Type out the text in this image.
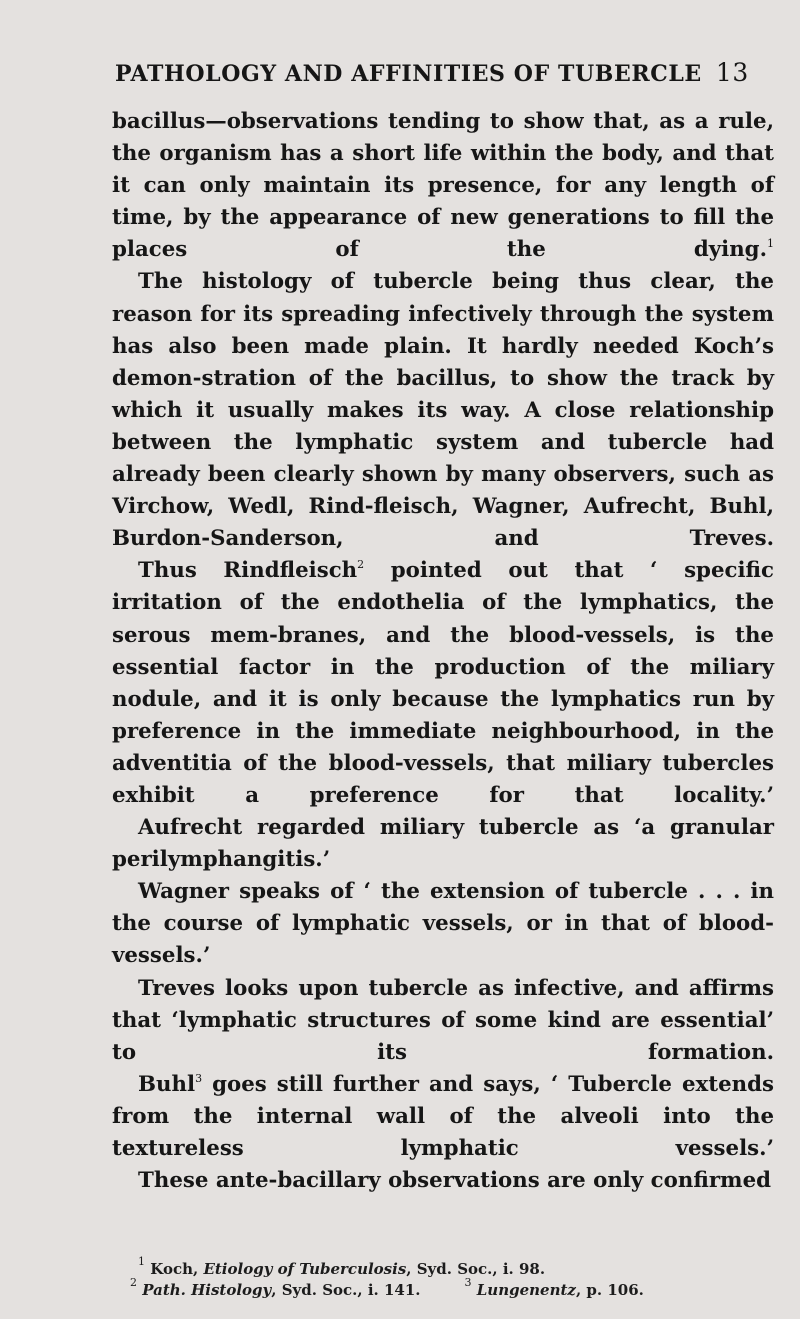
PATHOLOGY AND AFFINITIES OF TUBERCLE 13

bacillus—observations tending to show that, as a rule, the organism has a short life within the body, and that it can only maintain its presence, for any length of time, by the appearance of new generations to fill the places of the dying.$^1$

The histology of tubercle being thus clear, the reason for its spreading infectively through the system has also been made plain. It hardly needed Koch’s demon-stration of the bacillus, to show the track by which it usually makes its way. A close relationship between the lymphatic system and tubercle had already been clearly shown by many observers, such as Virchow, Wedl, Rind-fleisch, Wagner, Aufrecht, Buhl, Burdon-Sanderson, and Treves.

Thus Rindfleisch$^2$ pointed out that ‘ specific irritation of the endothelia of the lymphatics, the serous mem-branes, and the blood-vessels, is the essential factor in the production of the miliary nodule, and it is only because the lymphatics run by preference in the immediate neighbourhood, in the adventitia of the blood-vessels, that miliary tubercles exhibit a preference for that locality.’

Aufrecht regarded miliary tubercle as ‘a granular perilymphangitis.’

Wagner speaks of ‘ the extension of tubercle . . . in the course of lymphatic vessels, or in that of blood-vessels.’

Treves looks upon tubercle as infective, and affirms that ‘lymphatic structures of some kind are essential’ to its formation.

Buhl$^3$ goes still further and says, ‘ Tubercle extends from the internal wall of the alveoli into the textureless lymphatic vessels.’

These ante-bacillary observations are only confirmed

$^1$ Koch, Etiology of Tuberculosis, Syd. Soc., i. 98.
$^2$ Path. Histology, Syd. Soc., i. 141.	$^3$ Lungenentz, p. 106.
